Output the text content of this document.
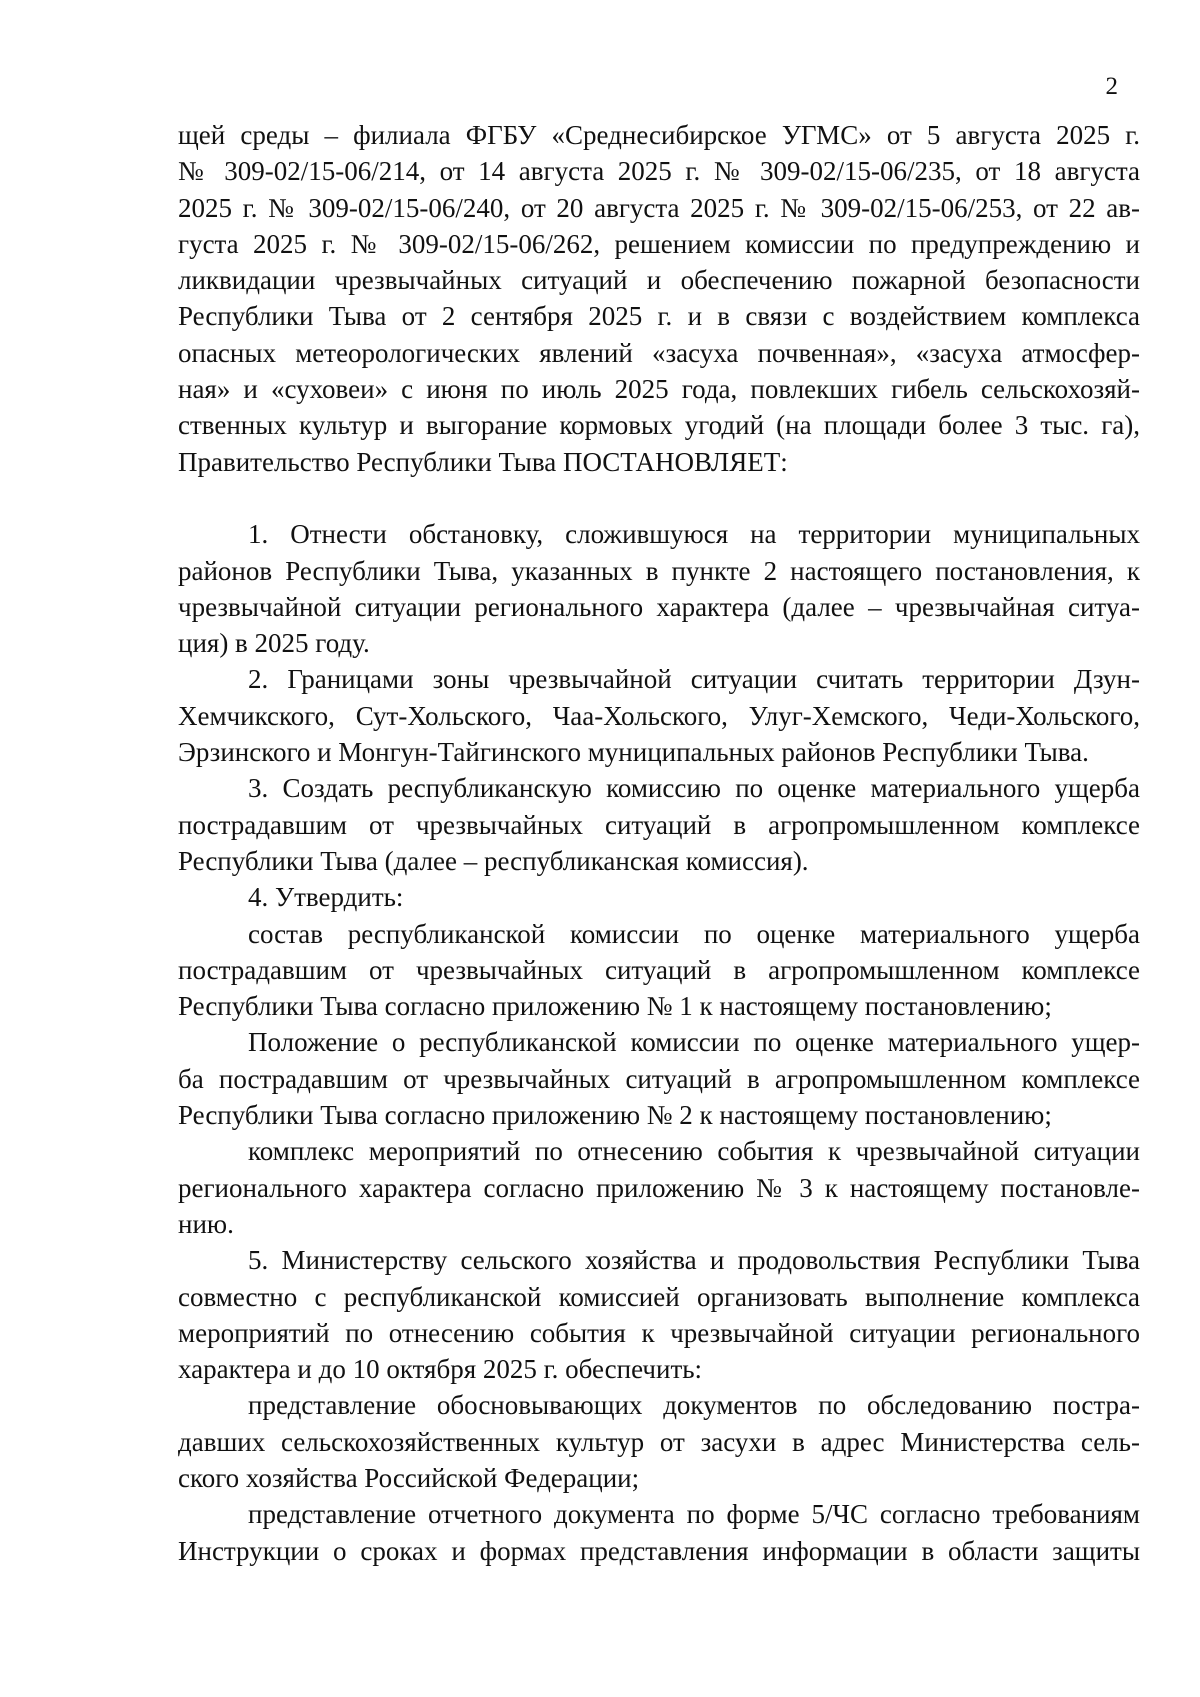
2
щей среды – филиала ФГБУ «Среднесибирское УГМС» от 5 августа 2025 г.
№ 309-02/15-06/214, от 14 августа 2025 г. № 309-02/15-06/235, от 18 августа
2025 г. № 309-02/15-06/240, от 20 августа 2025 г. № 309-02/15-06/253, от 22 ав-
густа 2025 г. № 309-02/15-06/262, решением комиссии по предупреждению и
ликвидации чрезвычайных ситуаций и обеспечению пожарной безопасности
Республики Тыва от 2 сентября 2025 г. и в связи с воздействием комплекса
опасных метеорологических явлений «засуха почвенная», «засуха атмосфер-
ная» и «суховеи» с июня по июль 2025 года, повлекших гибель сельскохозяй-
ственных культур и выгорание кормовых угодий (на площади более 3 тыс. га),
Правительство Республики Тыва ПОСТАНОВЛЯЕТ:
1. Отнести обстановку, сложившуюся на территории муниципальных
районов Республики Тыва, указанных в пункте 2 настоящего постановления, к
чрезвычайной ситуации регионального характера (далее – чрезвычайная ситуа-
ция) в 2025 году.
2. Границами зоны чрезвычайной ситуации считать территории Дзун-
Хемчикского, Сут-Хольского, Чаа-Хольского, Улуг-Хемского, Чеди-Хольского,
Эрзинского и Монгун-Тайгинского муниципальных районов Республики Тыва.
3. Создать республиканскую комиссию по оценке материального ущерба
пострадавшим от чрезвычайных ситуаций в агропромышленном комплексе
Республики Тыва (далее – республиканская комиссия).
4. Утвердить:
состав республиканской комиссии по оценке материального ущерба
пострадавшим от чрезвычайных ситуаций в агропромышленном комплексе
Республики Тыва согласно приложению № 1 к настоящему постановлению;
Положение о республиканской комиссии по оценке материального ущер-
ба пострадавшим от чрезвычайных ситуаций в агропромышленном комплексе
Республики Тыва согласно приложению № 2 к настоящему постановлению;
комплекс мероприятий по отнесению события к чрезвычайной ситуации
регионального характера согласно приложению № 3 к настоящему постановле-
нию.
5. Министерству сельского хозяйства и продовольствия Республики Тыва
совместно с республиканской комиссией организовать выполнение комплекса
мероприятий по отнесению события к чрезвычайной ситуации регионального
характера и до 10 октября 2025 г. обеспечить:
представление обосновывающих документов по обследованию постра-
давших сельскохозяйственных культур от засухи в адрес Министерства сель-
ского хозяйства Российской Федерации;
представление отчетного документа по форме 5/ЧС согласно требованиям
Инструкции о сроках и формах представления информации в области защиты
